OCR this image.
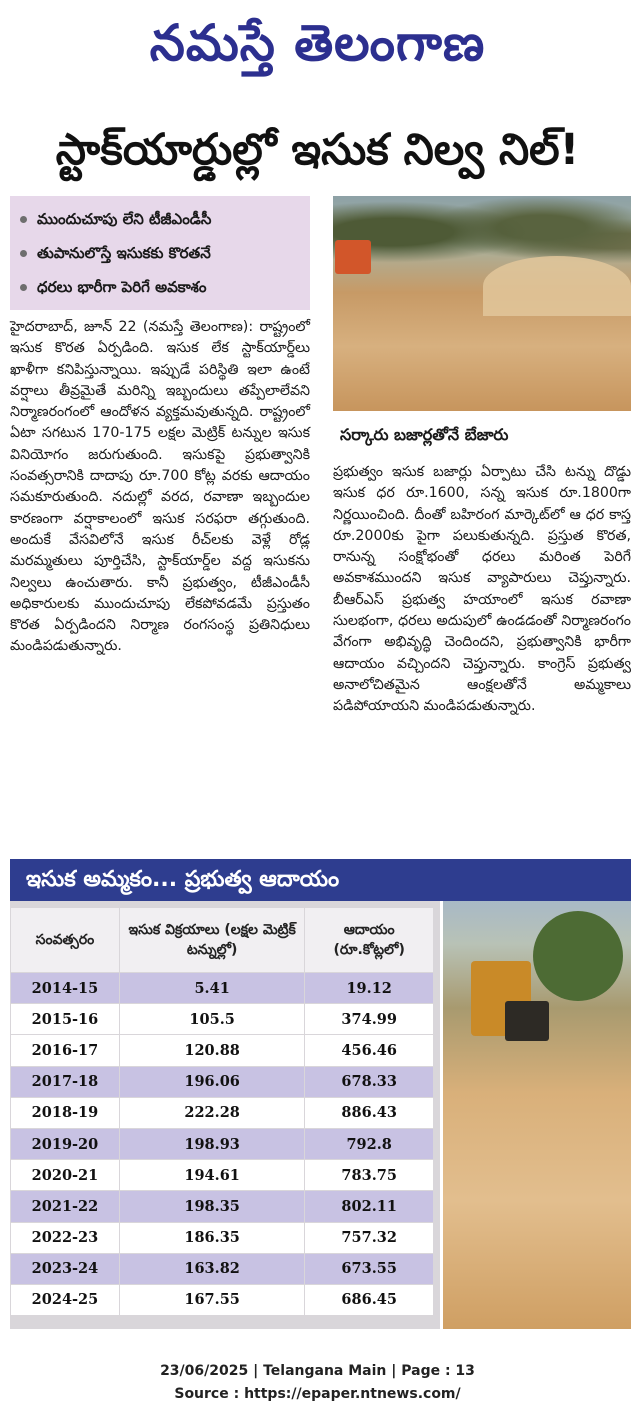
నమస్తే తెలంగాణ
స్టాక్‌యార్డుల్లో ఇసుక నిల్వ నిల్!
ముందుచూపు లేని టీజీఎండీసీ
తుపానులొస్తే ఇసుకకు కొరతనే
ధరలు భారీగా పెరిగే అవకాశం

హైదరాబాద్, జూన్ 22 (నమస్తే తెలంగాణ): రాష్ట్రంలో ఇసుక కొరత ఏర్పడింది. ఇసుక లేక స్టాక్‌యార్డ్‌లు ఖాళీగా కనిపిస్తున్నాయి. ఇప్పుడే పరిస్థితి ఇలా ఉంటే వర్షాలు తీవ్రమైతే మరిన్ని ఇబ్బందులు తప్పేలాలేవని నిర్మాణరంగంలో ఆందోళన వ్యక్తమవుతున్నది. రాష్ట్రంలో ఏటా సగటున 170-175 లక్షల మెట్రిక్ టన్నుల ఇసుక వినియోగం జరుగుతుంది. ఇసుకపై ప్రభుత్వానికి సంవత్సరానికి దాదాపు రూ.700 కోట్ల వరకు ఆదాయం సమకూరుతుంది. నదుల్లో వరద, రవాణా ఇబ్బందుల కారణంగా వర్షాకాలంలో ఇసుక సరఫరా తగ్గుతుంది. అందుకే వేసవిలోనే ఇసుక రీచ్‌లకు వెళ్లే రోడ్ల మరమ్మతులు పూర్తిచేసి, స్టాక్‌యార్డ్‌ల వద్ద ఇసుకను నిల్వలు ఉంచుతారు. కానీ ప్రభుత్వం, టీజీఎండీసీ అధికారులకు ముందుచూపు లేకపోవడమే ప్రస్తుతం కొరత ఏర్పడిందని నిర్మాణ రంగసంస్థ ప్రతినిధులు మండిపడుతున్నారు.

సర్కారు బజార్లతోనే బేజారు

ప్రభుత్వం ఇసుక బజార్లు ఏర్పాటు చేసి టన్ను దొడ్డు ఇసుక ధర రూ.1600, సన్న ఇసుక రూ.1800గా నిర్ణయించింది. దీంతో బహిరంగ మార్కెట్‌లో ఆ ధర కాస్త రూ.2000కు పైగా పలుకుతున్నది. ప్రస్తుత కొరత, రానున్న సంక్షోభంతో ధరలు మరింత పెరిగే అవకాశముందని ఇసుక వ్యాపారులు చెప్తున్నారు. బీఆర్‌ఎస్ ప్రభుత్వ హయాంలో ఇసుక రవాణా సులభంగా, ధరలు అదుపులో ఉండడంతో నిర్మాణరంగం వేగంగా అభివృద్ధి చెందిందని, ప్రభుత్వానికి భారీగా ఆదాయం వచ్చిందని చెప్తున్నారు. కాంగ్రెస్ ప్రభుత్వ అనాలోచితమైన ఆంక్షలతోనే అమ్మకాలు పడిపోయాయని మండిపడుతున్నారు.

ఇసుక అమ్మకం... ప్రభుత్వ ఆదాయం
సంవత్సరం	ఇసుక విక్రయాలు (లక్షల మెట్రిక్ టన్నుల్లో)	ఆదాయం (రూ.కోట్లలో)
2014-15	5.41	19.12
2015-16	105.5	374.99
2016-17	120.88	456.46
2017-18	196.06	678.33
2018-19	222.28	886.43
2019-20	198.93	792.8
2020-21	194.61	783.75
2021-22	198.35	802.11
2022-23	186.35	757.32
2023-24	163.82	673.55
2024-25	167.55	686.45
23/06/2025 | Telangana Main | Page : 13
Source : https://epaper.ntnews.com/
